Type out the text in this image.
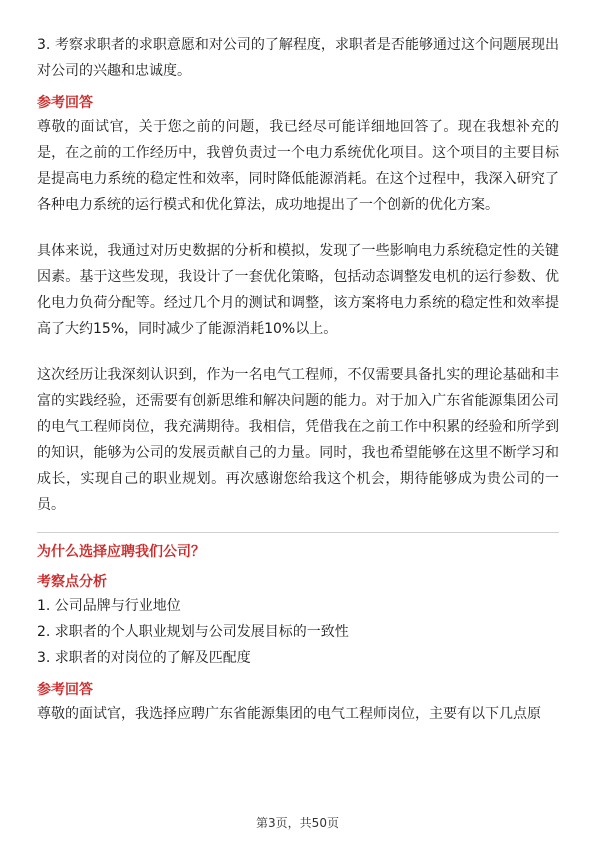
3. 考察求职者的求职意愿和对公司的了解程度，求职者是否能够通过这个问题展现出对公司的兴趣和忠诚度。

参考回答

尊敬的面试官，关于您之前的问题，我已经尽可能详细地回答了。现在我想补充的是，在之前的工作经历中，我曾负责过一个电力系统优化项目。这个项目的主要目标是提高电力系统的稳定性和效率，同时降低能源消耗。在这个过程中，我深入研究了各种电力系统的运行模式和优化算法，成功地提出了一个创新的优化方案。

具体来说，我通过对历史数据的分析和模拟，发现了一些影响电力系统稳定性的关键因素。基于这些发现，我设计了一套优化策略，包括动态调整发电机的运行参数、优化电力负荷分配等。经过几个月的测试和调整，该方案将电力系统的稳定性和效率提高了大约15%，同时减少了能源消耗10%以上。

这次经历让我深刻认识到，作为一名电气工程师，不仅需要具备扎实的理论基础和丰富的实践经验，还需要有创新思维和解决问题的能力。对于加入广东省能源集团公司的电气工程师岗位，我充满期待。我相信，凭借我在之前工作中积累的经验和所学到的知识，能够为公司的发展贡献自己的力量。同时，我也希望能够在这里不断学习和成长，实现自己的职业规划。再次感谢您给我这个机会，期待能够成为贵公司的一员。

为什么选择应聘我们公司？
考察点分析

1. 公司品牌与行业地位

2. 求职者的个人职业规划与公司发展目标的一致性

3. 求职者的对岗位的了解及匹配度

参考回答

尊敬的面试官，我选择应聘广东省能源集团的电气工程师岗位，主要有以下几点原

第3页，共50页
